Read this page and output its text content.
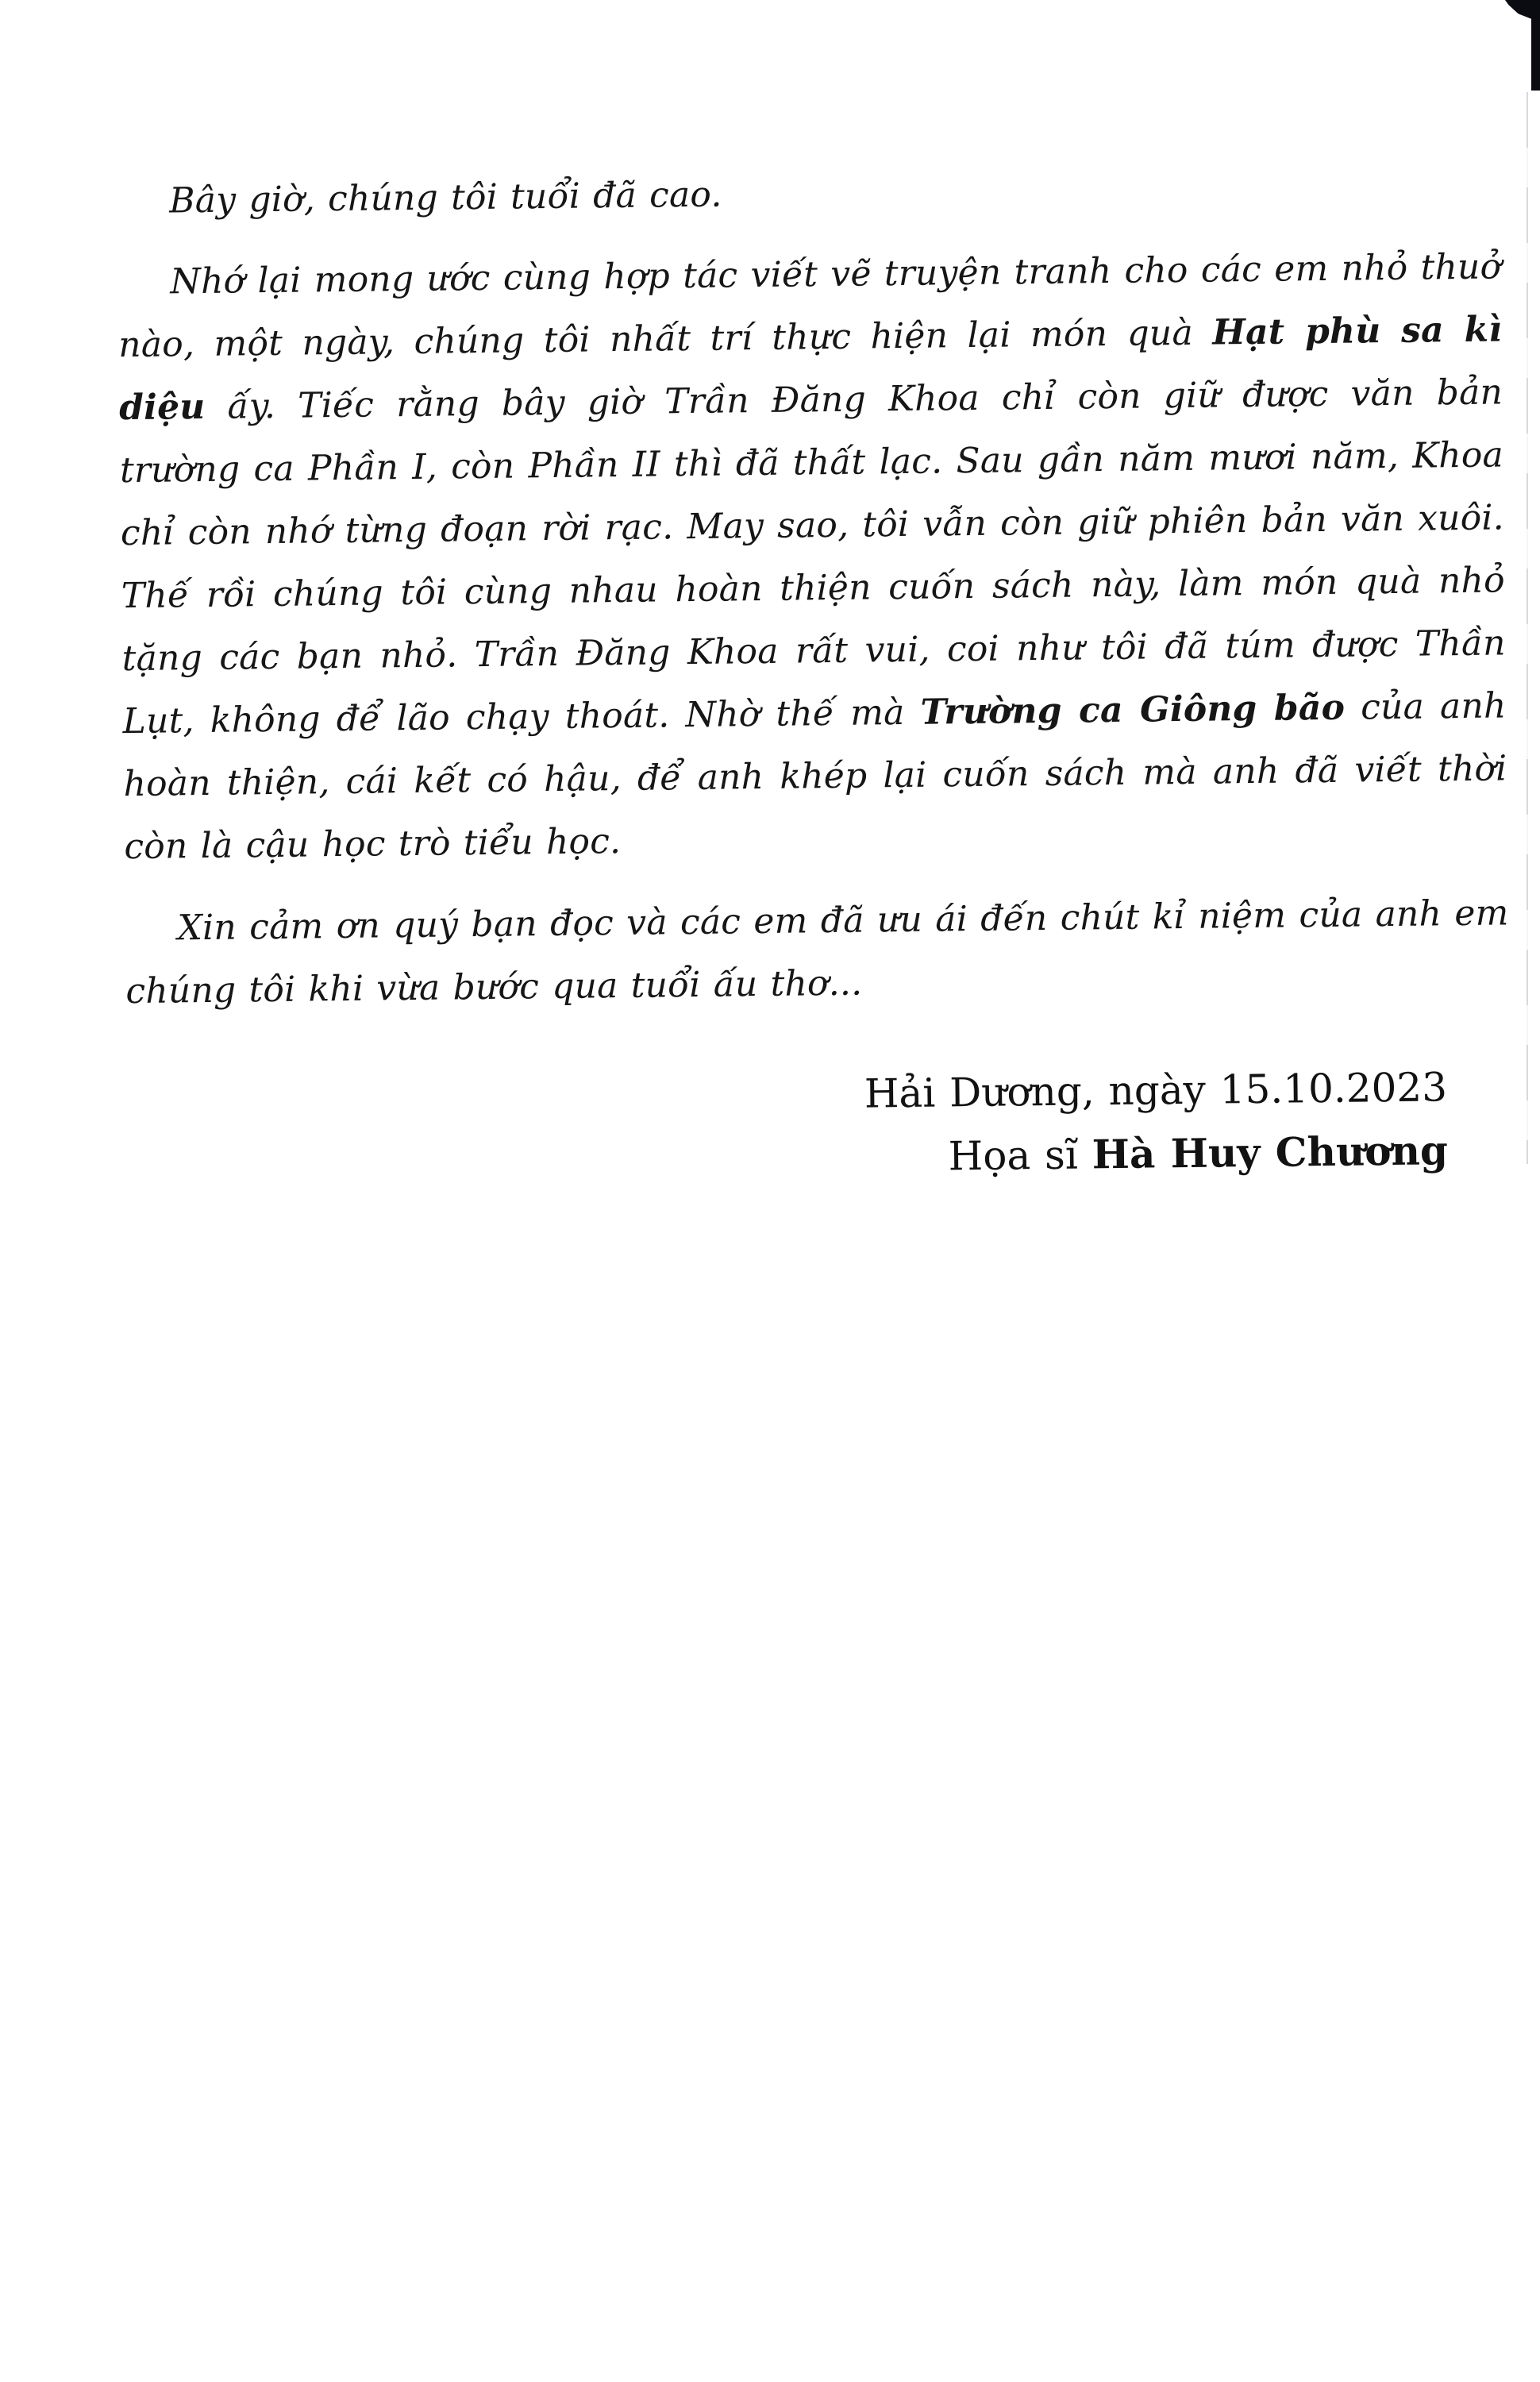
Bây giờ, chúng tôi tuổi đã cao.

Nhớ lại mong ước cùng hợp tác viết vẽ truyện tranh cho các em nhỏ thuở nào, một ngày, chúng tôi nhất trí thực hiện lại món quà Hạt phù sa kì diệu ấy. Tiếc rằng bây giờ Trần Đăng Khoa chỉ còn giữ được văn bản trường ca Phần I, còn Phần II thì đã thất lạc. Sau gần năm mươi năm, Khoa chỉ còn nhớ từng đoạn rời rạc. May sao, tôi vẫn còn giữ phiên bản văn xuôi. Thế rồi chúng tôi cùng nhau hoàn thiện cuốn sách này, làm món quà nhỏ tặng các bạn nhỏ. Trần Đăng Khoa rất vui, coi như tôi đã túm được Thần Lụt, không để lão chạy thoát. Nhờ thế mà Trường ca Giông bão của anh hoàn thiện, cái kết có hậu, để anh khép lại cuốn sách mà anh đã viết thời còn là cậu học trò tiểu học.

Xin cảm ơn quý bạn đọc và các em đã ưu ái đến chút kỉ niệm của anh em chúng tôi khi vừa bước qua tuổi ấu thơ...

Hải Dương, ngày 15.10.2023
Họa sĩ Hà Huy Chương
